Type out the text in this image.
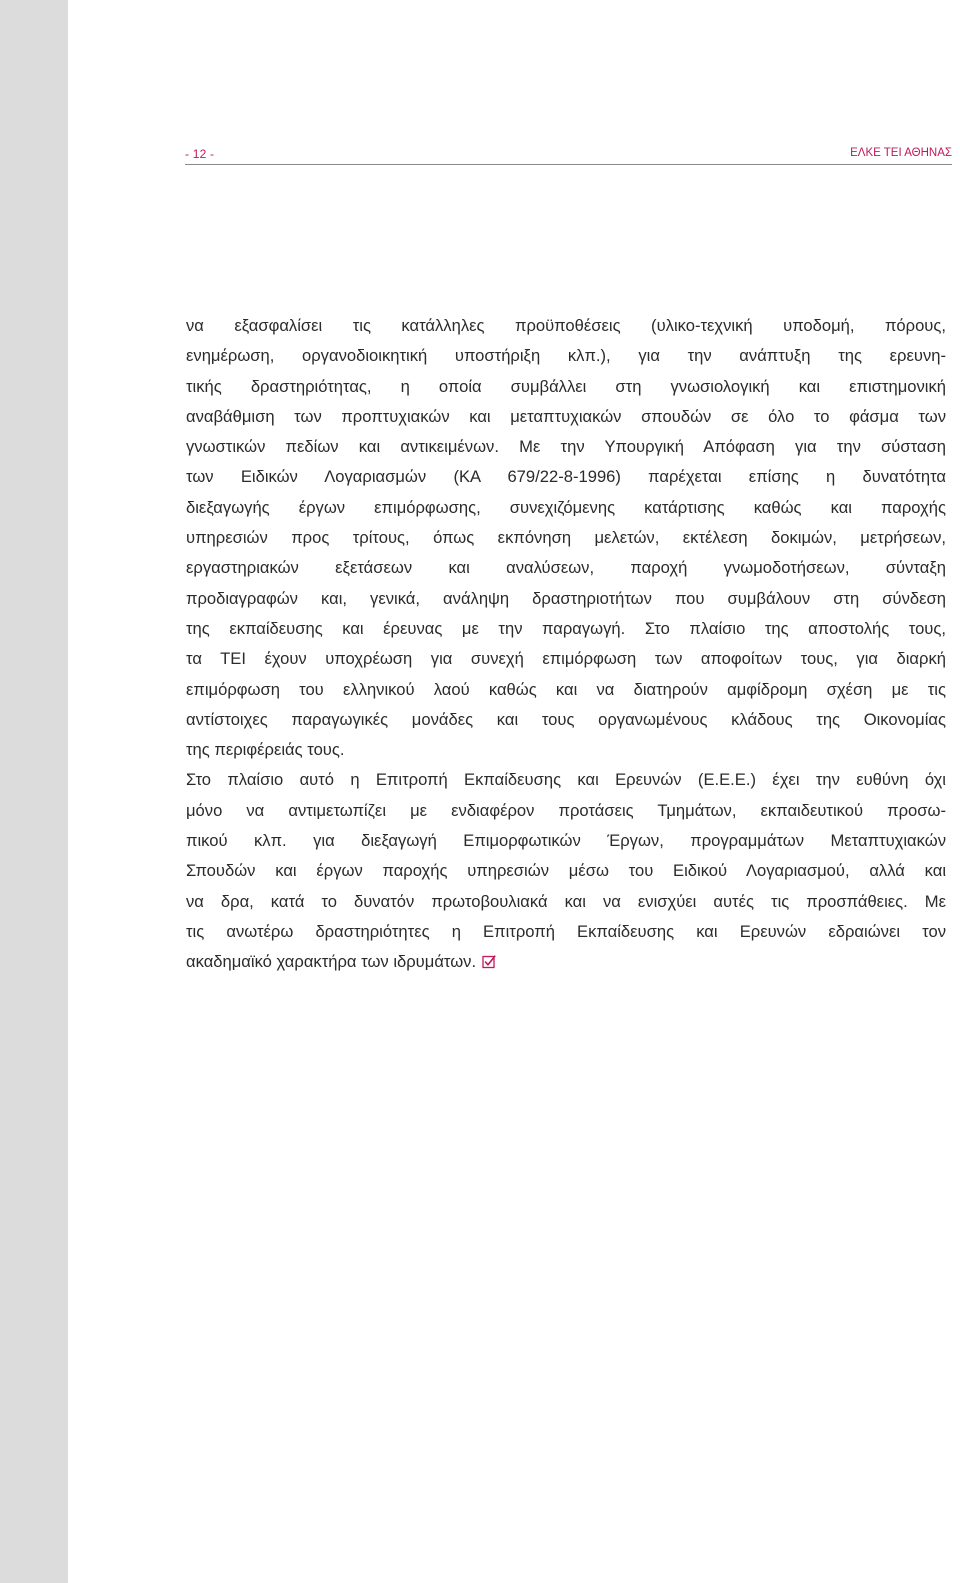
- 12 -	ΕΛΚΕ ΤΕΙ ΑΘΗΝΑΣ
να εξασφαλίσει τις κατάλληλες προϋποθέσεις (υλικο-τεχνική υποδομή, πόρους,
ενημέρωση, οργανοδιοικητική υποστήριξη κλπ.), για την ανάπτυξη της ερευνη-
τικής δραστηριότητας, η οποία συμβάλλει στη γνωσιολογική και επιστημονική
αναβάθμιση των προπτυχιακών και μεταπτυχιακών σπουδών σε όλο το φάσμα των
γνωστικών πεδίων και αντικειμένων. Με την Υπουργική Απόφαση για την σύσταση
των Ειδικών Λογαριασμών (ΚΑ 679/22-8-1996) παρέχεται επίσης η δυνατότητα
διεξαγωγής έργων επιμόρφωσης, συνεχιζόμενης κατάρτισης καθώς και παροχής
υπηρεσιών προς τρίτους, όπως εκπόνηση μελετών, εκτέλεση δοκιμών, μετρήσεων,
εργαστηριακών εξετάσεων και αναλύσεων, παροχή γνωμοδοτήσεων, σύνταξη
προδιαγραφών και, γενικά, ανάληψη δραστηριοτήτων που συμβάλουν στη σύνδεση
της εκπαίδευσης και έρευνας με την παραγωγή. Στο πλαίσιο της αποστολής τους,
τα ΤΕΙ έχουν υποχρέωση για συνεχή επιμόρφωση των αποφοίτων τους, για διαρκή
επιμόρφωση του ελληνικού λαού καθώς και να διατηρούν αμφίδρομη σχέση με τις
αντίστοιχες παραγωγικές μονάδες και τους οργανωμένους κλάδους της Οικονομίας
της περιφέρειάς τους.
Στο πλαίσιο αυτό η Επιτροπή Εκπαίδευσης και Ερευνών (Ε.Ε.Ε.) έχει την ευθύνη όχι
μόνο να αντιμετωπίζει με ενδιαφέρον προτάσεις Τμημάτων, εκπαιδευτικού προσω-
πικού κλπ. για διεξαγωγή Επιμορφωτικών Έργων, προγραμμάτων Μεταπτυχιακών
Σπουδών και έργων παροχής υπηρεσιών μέσω του Ειδικού Λογαριασμού, αλλά και
να δρα, κατά το δυνατόν πρωτοβουλιακά και να ενισχύει αυτές τις προσπάθειες. Με
τις ανωτέρω δραστηριότητες η Επιτροπή Εκπαίδευσης και Ερευνών εδραιώνει τον
ακαδημαϊκό χαρακτήρα των ιδρυμάτων.
